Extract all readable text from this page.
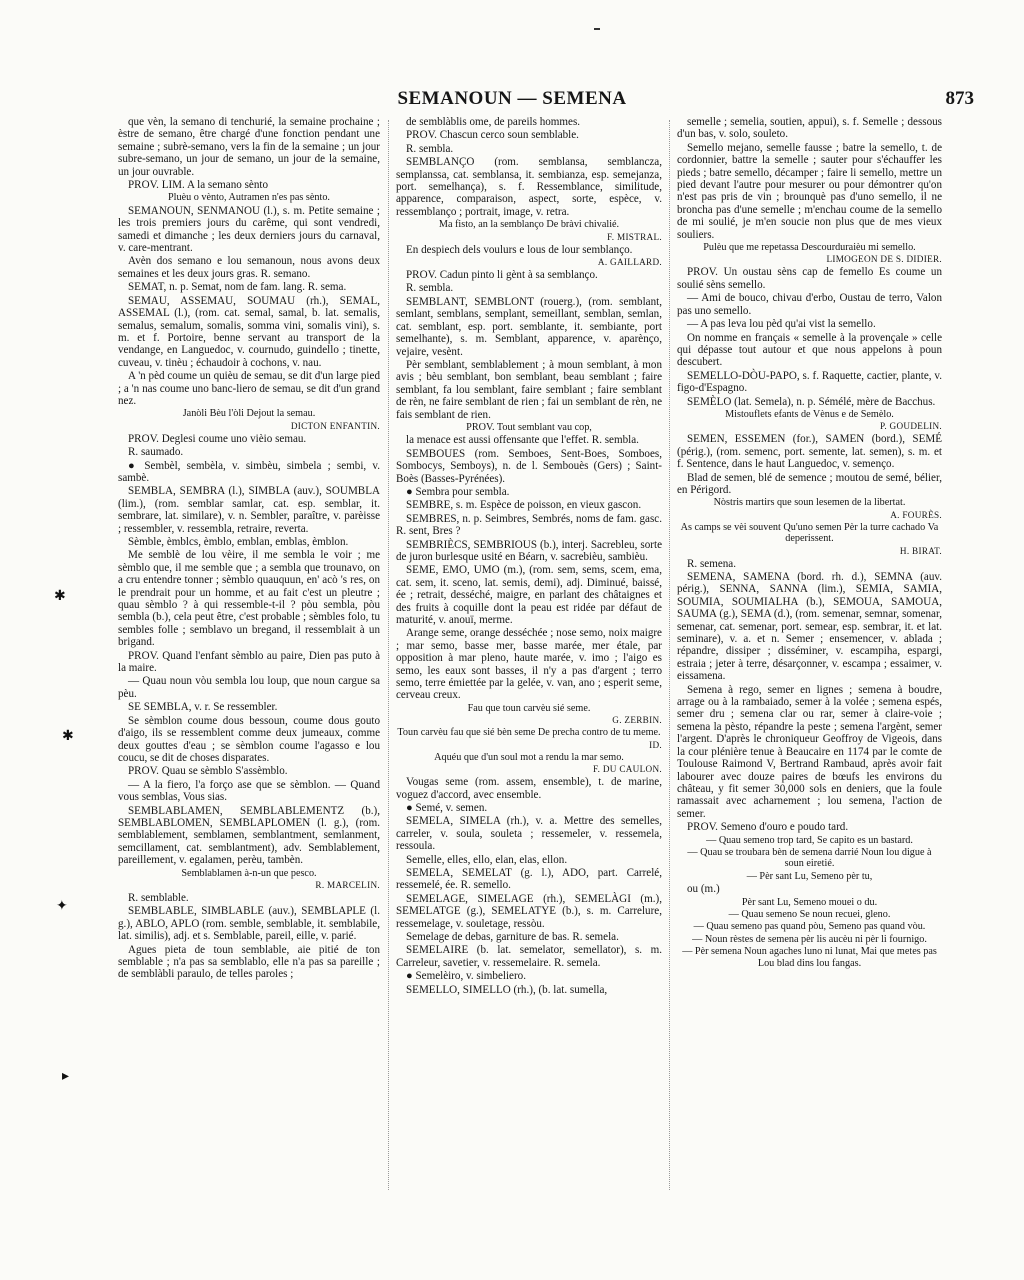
SEMANOUN — SEMENA	873

que vèn, la semano di tenchurié, la semaine prochaine ; èstre de semano, être chargé d'une fonction pendant une semaine ; subrè-semano, vers la fin de la semaine ; un jour subre-semano, un jour de semano, un jour de la semaine, un jour ouvrable.

PROV. LIM. A la semano sènto

Pluèu o vènto, Autramen n'es pas sènto.

SEMANOUN, SENMANOU (l.), s. m. Petite semaine ; les trois premiers jours du carême, qui sont vendredi, samedi et dimanche ; les deux derniers jours du carnaval, v. care-mentrant.

Avèn dos semano e lou semanoun, nous avons deux semaines et les deux jours gras. R. semano.

SEMAT, n. p. Semat, nom de fam. lang. R. sema.

SEMAU, ASSEMAU, SOUMAU (rh.), SEMAL, ASSEMAL (l.), (rom. cat. semal, samal, b. lat. semalis, semalus, semalum, somalis, somma vini, somalis vini), s. m. et f. Portoire, benne servant au transport de la vendange, en Languedoc, v. cournudo, guindello ; tinette, cuveau, v. tinèu ; échaudoir à cochons, v. nau.

A 'n pèd coume un quièu de semau, se dit d'un large pied ; a 'n nas coume uno banc-liero de semau, se dit d'un grand nez.

Janòli Bèu l'òli Dejout la semau.

DICTON ENFANTIN.

PROV. Deglesi coume uno vièio semau.

R. saumado.

● Sembèl, sembèla, v. simbèu, simbela ; sembi, v. sambè.

SEMBLA, SEMBRA (l.), SIMBLA (auv.), SOUMBLA (lim.), (rom. semblar samlar, cat. esp. semblar, it. sembrare, lat. similare), v. n. Sembler, paraître, v. parèisse ; ressembler, v. ressembla, retraire, reverta.

Sèmble, èmblcs, èmblo, emblan, emblas, èmblon.

Me semblè de lou vèire, il me sembla le voir ; me sèmblo que, il me semble que ; a sembla que trounavo, on a cru entendre tonner ; sèmblo quauquun, en' acò 's res, on le prendrait pour un homme, et au fait c'est un pleutre ; quau sèmblo ? à qui ressemble-t-il ? pòu sembla, pòu sembla (b.), cela peut être, c'est probable ; sèmbles folo, tu sembles folle ; semblavo un bregand, il ressemblait à un brigand.

PROV. Quand l'enfant sèmblo au paire, Dien pas puto à la maire.

— Quau noun vòu sembla lou loup, que noun cargue sa pèu.

SE SEMBLA, v. r. Se ressembler.

Se sèmblon coume dous bessoun, coume dous gouto d'aigo, ils se ressemblent comme deux jumeaux, comme deux gouttes d'eau ; se sèmblon coume l'agasso e lou coucu, se dit de choses disparates.

PROV. Quau se sèmblo S'assèmblo.

— A la fiero, l'a forço ase que se sèmblon. — Quand vous semblas, Vous sias.

SEMBLABLAMEN, SEMBLABLEMENTZ (b.), SEMBLABLOMEN, SEMBLAPLOMEN (l. g.), (rom. semblablement, semblamen, semblantment, semlanment, semcillament, cat. semblantment), adv. Semblablement, pareillement, v. egalamen, perèu, tambèn.

Semblablamen à-n-un que pesco.

R. MARCELIN.

R. semblable.

SEMBLABLE, SIMBLABLE (auv.), SEMBLAPLE (l. g.), ABLO, APLO (rom. semble, semblable, it. semblabile, lat. similis), adj. et s. Semblable, pareil, eille, v. parié.

Agues pieta de toun semblable, aie pitié de ton semblable ; n'a pas sa semblablo, elle n'a pas sa pareille ; de semblàbli paraulo, de telles paroles ;

de semblàblis ome, de pareils hommes.

PROV. Chascun cerco soun semblable.

R. sembla.

SEMBLANÇO (rom. semblansa, semblancza, semplanssa, cat. semblansa, it. sembianza, esp. semejanza, port. semelhança), s. f. Ressemblance, similitude, apparence, comparaison, aspect, sorte, espèce, v. ressemblanço ; portrait, image, v. retra.

Ma fisto, an la semblanço De bràvi chivalié.

F. MISTRAL.

En despiech dels voulurs e lous de lour semblanço.

A. GAILLARD.

PROV. Cadun pinto li gènt à sa semblanço.

R. sembla.

SEMBLANT, SEMBLONT (rouerg.), (rom. semblant, semlant, semblans, semplant, semeillant, semblan, semlan, cat. semblant, esp. port. semblante, it. sembiante, port semelhante), s. m. Semblant, apparence, v. aparènço, vejaire, vesènt.

Pèr semblant, semblablement ; à moun semblant, à mon avis ; bèu semblant, bon semblant, beau semblant ; faire semblant, fa lou semblant, faire semblant ; faire semblant de rèn, ne faire semblant de rien ; fai un semblant de rèn, ne fais semblant de rien.

PROV. Tout semblant vau cop,

la menace est aussi offensante que l'effet. R. sembla.

SEMBOUES (rom. Semboes, Sent-Boes, Somboes, Sombocys, Semboys), n. de l. Sembouès (Gers) ; Saint-Boès (Basses-Pyrénées).

● Sembra pour sembla.

SEMBRE, s. m. Espèce de poisson, en vieux gascon.

SEMBRES, n. p. Seimbres, Sembrés, noms de fam. gasc. R. sent, Bres ?

SEMBRIÈCS, SEMBRIOUS (b.), interj. Sacrebleu, sorte de juron burlesque usité en Béarn, v. sacrebièu, sambièu.

SEME, EMO, UMO (m.), (rom. sem, sems, scem, ema, cat. sem, it. sceno, lat. semis, demi), adj. Diminué, baissé, ée ; retrait, desséché, maigre, en parlant des châtaignes et des fruits à coquille dont la peau est ridée par défaut de maturité, v. anouï, merme.

Arange seme, orange desséchée ; nose semo, noix maigre ; mar semo, basse mer, basse marée, mer étale, par opposition à mar pleno, haute marée, v. imo ; l'aigo es semo, les eaux sont basses, il n'y a pas d'argent ; terro semo, terre émiettée par la gelée, v. van, ano ; esperit seme, cerveau creux.

Fau que toun carvèu sié seme.

G. ZERBIN.

Toun carvèu fau que sié bèn seme De precha contro de tu meme.

ID.

Aquéu que d'un soul mot a rendu la mar semo.

F. DU CAULON.

Vougas seme (rom. assem, ensemble), t. de marine, voguez d'accord, avec ensemble.

● Semé, v. semen.

SEMELA, SIMELA (rh.), v. a. Mettre des semelles, carreler, v. soula, souleta ; ressemeler, v. ressemela, ressoula.

Semelle, elles, ello, elan, elas, ellon.

SEMELA, SEMELAT (g. l.), ADO, part. Carrelé, ressemelé, ée. R. semello.

SEMELAGE, SIMELAGE (rh.), SEMELÀGI (m.), SEMELATGE (g.), SEMELATYE (b.), s. m. Carrelure, ressemelage, v. souletage, ressòu.

Semelage de debas, garniture de bas. R. semela.

SEMELAIRE (b. lat. semelator, semellator), s. m. Carreleur, savetier, v. ressemelaire. R. semela.

● Semelèiro, v. simbeliero.

SEMELLO, SIMELLO (rh.), (b. lat. sumella,

semelle ; semelia, soutien, appui), s. f. Semelle ; dessous d'un bas, v. solo, souleto.

Semello mejano, semelle fausse ; batre la semello, t. de cordonnier, battre la semelle ; sauter pour s'échauffer les pieds ; batre semello, décamper ; faire li semello, mettre un pied devant l'autre pour mesurer ou pour démontrer qu'on n'est pas pris de vin ; brounquè pas d'uno semello, il ne broncha pas d'une semelle ; m'enchau coume de la semello de mi soulié, je m'en soucie non plus que de mes vieux souliers.

Pulèu que me repetassa Descourduraièu mi semello.

LIMOGEON DE S. DIDIER.

PROV. Un oustau sèns cap de femello Es coume un soulié sèns semello.

— Ami de bouco, chivau d'erbo, Oustau de terro, Valon pas uno semello.

— A pas leva lou pèd qu'ai vist la semello.

On nomme en français « semelle à la provençale » celle qui dépasse tout autour et que nous appelons à poun descubert.

SEMELLO-DÒU-PAPO, s. f. Raquette, cactier, plante, v. figo-d'Espagno.

SEMÈLO (lat. Semela), n. p. Sémélé, mère de Bacchus.

Mistouflets efants de Vènus e de Semèlo.

P. GOUDELIN.

SEMEN, ESSEMEN (for.), SAMEN (bord.), SEMÉ (périg.), (rom. semenc, port. semente, lat. semen), s. m. et f. Sentence, dans le haut Languedoc, v. semenço.

Blad de semen, blé de semence ; moutou de semé, bélier, en Périgord.

Nòstris martirs que soun lesemen de la libertat.

A. FOURÈS.

As camps se vèi souvent Qu'uno semen Pèr la turre cachado Va deperissent.

H. BIRAT.

R. semena.

SEMENA, SAMENA (bord. rh. d.), SEMNA (auv. périg.), SENNA, SANNA (lim.), SEMIA, SAMIA, SOUMIA, SOUMIALHA (b.), SEMOUA, SAMOUA, SAUMA (g.), SEMA (d.), (rom. semenar, semnar, somenar, semenar, cat. semenar, port. semear, esp. sembrar, it. et lat. seminare), v. a. et n. Semer ; ensemencer, v. ablada ; répandre, dissiper ; disséminer, v. escampiha, espargi, estraia ; jeter à terre, désarçonner, v. escampa ; essaimer, v. eissamena.

Semena à rego, semer en lignes ; semena à boudre, arrage ou à la rambaiado, semer à la volée ; semena espés, semer dru ; semena clar ou rar, semer à claire-voie ; semena la pèsto, répandre la peste ; semena l'argènt, semer l'argent. D'après le chroniqueur Geoffroy de Vigeois, dans la cour plénière tenue à Beaucaire en 1174 par le comte de Toulouse Raimond V, Bertrand Rambaud, après avoir fait labourer avec douze paires de bœufs les environs du château, y fit semer 30,000 sols en deniers, que la foule ramassait avec acharnement ; lou semena, l'action de semer.

PROV. Semeno d'ouro e poudo tard.

— Quau semeno trop tard, Se capito es un bastard.

— Quau se troubara bèn de semena darrié Noun lou digue à soun eiretié.

— Pèr sant Lu, Semeno pèr tu,

ou (m.)

Pèr sant Lu, Semeno mouei o du.

— Quau semeno Se noun recuei, gleno.

— Quau semeno pas quand pòu, Semeno pas quand vòu.

— Noun rèstes de semena pèr lis aucèu ni pèr li fournigo.

— Pèr semena Noun agaches luno ni lunat, Mai que metes pas Lou blad dins lou fangas.

✱
✱
✦
▸
